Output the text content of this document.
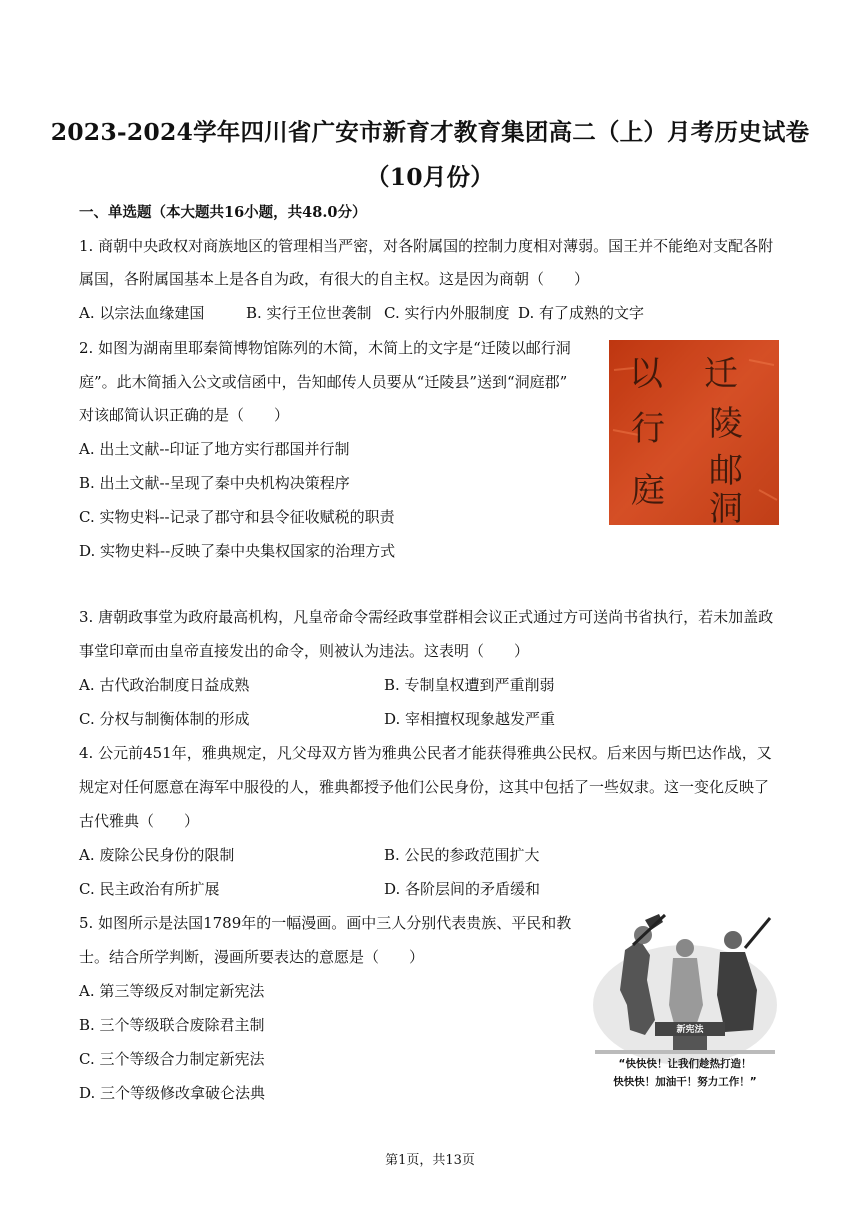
2023-2024学年四川省广安市新育才教育集团高二（上）月考历史试卷
（10月份）
一、单选题（本大题共16小题，共48.0分）
1. 商朝中央政权对商族地区的管理相当严密，对各附属国的控制力度相对薄弱。国王并不能绝对支配各附
属国，各附属国基本上是各自为政，有很大的自主权。这是因为商朝（　　）
A. 以宗法血缘建国	B. 实行王位世袭制 C. 实行内外服制度 D. 有了成熟的文字
2. 如图为湖南里耶秦简博物馆陈列的木简，木简上的文字是“迁陵以邮行洞
庭”。此木简插入公文或信函中，告知邮传人员要从“迁陵县”送到“洞庭郡”
对该邮简认识正确的是（　　）
A. 出土文献--印证了地方实行郡国并行制
B. 出土文献--呈现了秦中央机构决策程序
C. 实物史料--记录了郡守和县令征收赋税的职责
D. 实物史料--反映了秦中央集权国家的治理方式
迁
陵
以
邮
行
洞
庭
3. 唐朝政事堂为政府最高机构，凡皇帝命令需经政事堂群相会议正式通过方可送尚书省执行，若未加盖政
事堂印章而由皇帝直接发出的命令，则被认为违法。这表明（　　）
A. 古代政治制度日益成熟	B. 专制皇权遭到严重削弱
C. 分权与制衡体制的形成	D. 宰相擅权现象越发严重
4. 公元前451年，雅典规定，凡父母双方皆为雅典公民者才能获得雅典公民权。后来因与斯巴达作战，又
规定对任何愿意在海军中服役的人，雅典都授予他们公民身份，这其中包括了一些奴隶。这一变化反映了
古代雅典（　　）
A. 废除公民身份的限制	B. 公民的参政范围扩大
C. 民主政治有所扩展	D. 各阶层间的矛盾缓和
5. 如图所示是法国1789年的一幅漫画。画中三人分别代表贵族、平民和教
士。结合所学判断，漫画所要表达的意愿是（　　）
A. 第三等级反对制定新宪法
B. 三个等级联合废除君主制
C. 三个等级合力制定新宪法
D. 三个等级修改拿破仑法典
新宪法
“快快快！让我们趁热打造！
快快快！加油干！努力工作！”
第1页，共13页
